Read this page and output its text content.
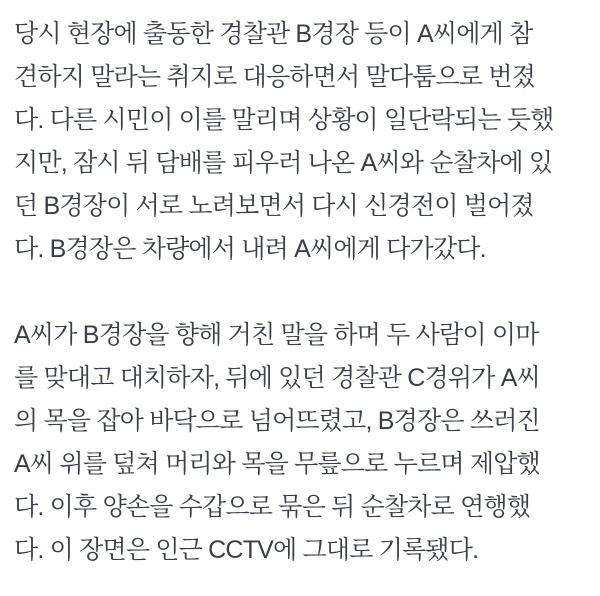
당시 현장에 출동한 경찰관 B경장 등이 A씨에게 참
견하지 말라는 취지로 대응하면서 말다툼으로 번졌
다. 다른 시민이 이를 말리며 상황이 일단락되는 듯했
지만, 잠시 뒤 담배를 피우러 나온 A씨와 순찰차에 있
던 B경장이 서로 노려보면서 다시 신경전이 벌어졌
다. B경장은 차량에서 내려 A씨에게 다가갔다.
A씨가 B경장을 향해 거친 말을 하며 두 사람이 이마
를 맞대고 대치하자, 뒤에 있던 경찰관 C경위가 A씨
의 목을 잡아 바닥으로 넘어뜨렸고, B경장은 쓰러진
A씨 위를 덮쳐 머리와 목을 무릎으로 누르며 제압했
다. 이후 양손을 수갑으로 묶은 뒤 순찰차로 연행했
다. 이 장면은 인근 CCTV에 그대로 기록됐다.
